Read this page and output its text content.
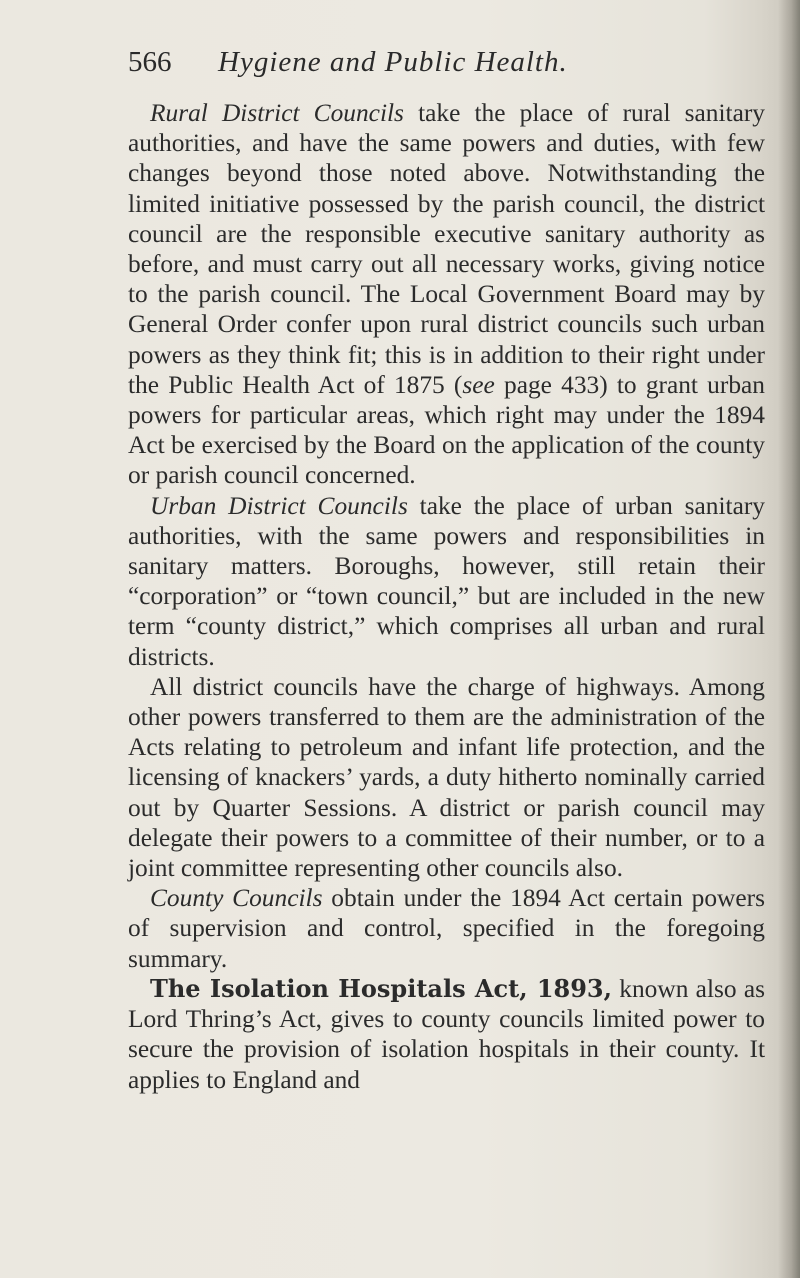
566 Hygiene and Public Health.

Rural District Councils take the place of rural sanitary authorities, and have the same powers and duties, with few changes beyond those noted above. Notwithstanding the limited initiative possessed by the parish council, the district council are the responsible executive sanitary authority as before, and must carry out all necessary works, giving notice to the parish council. The Local Government Board may by General Order confer upon rural district councils such urban powers as they think fit; this is in addition to their right under the Public Health Act of 1875 (see page 433) to grant urban powers for particular areas, which right may under the 1894 Act be exercised by the Board on the application of the county or parish council concerned.

Urban District Councils take the place of urban sanitary authorities, with the same powers and responsibilities in sanitary matters. Boroughs, however, still retain their “corporation” or “town council,” but are included in the new term “county district,” which comprises all urban and rural districts.

All district councils have the charge of highways. Among other powers transferred to them are the administration of the Acts relating to petroleum and infant life protection, and the licensing of knackers’ yards, a duty hitherto nominally carried out by Quarter Sessions. A district or parish council may delegate their powers to a committee of their number, or to a joint committee representing other councils also.

County Councils obtain under the 1894 Act certain powers of supervision and control, specified in the foregoing summary.

The Isolation Hospitals Act, 1893, known also as Lord Thring’s Act, gives to county councils limited power to secure the provision of isolation hospitals in their county. It applies to England and
